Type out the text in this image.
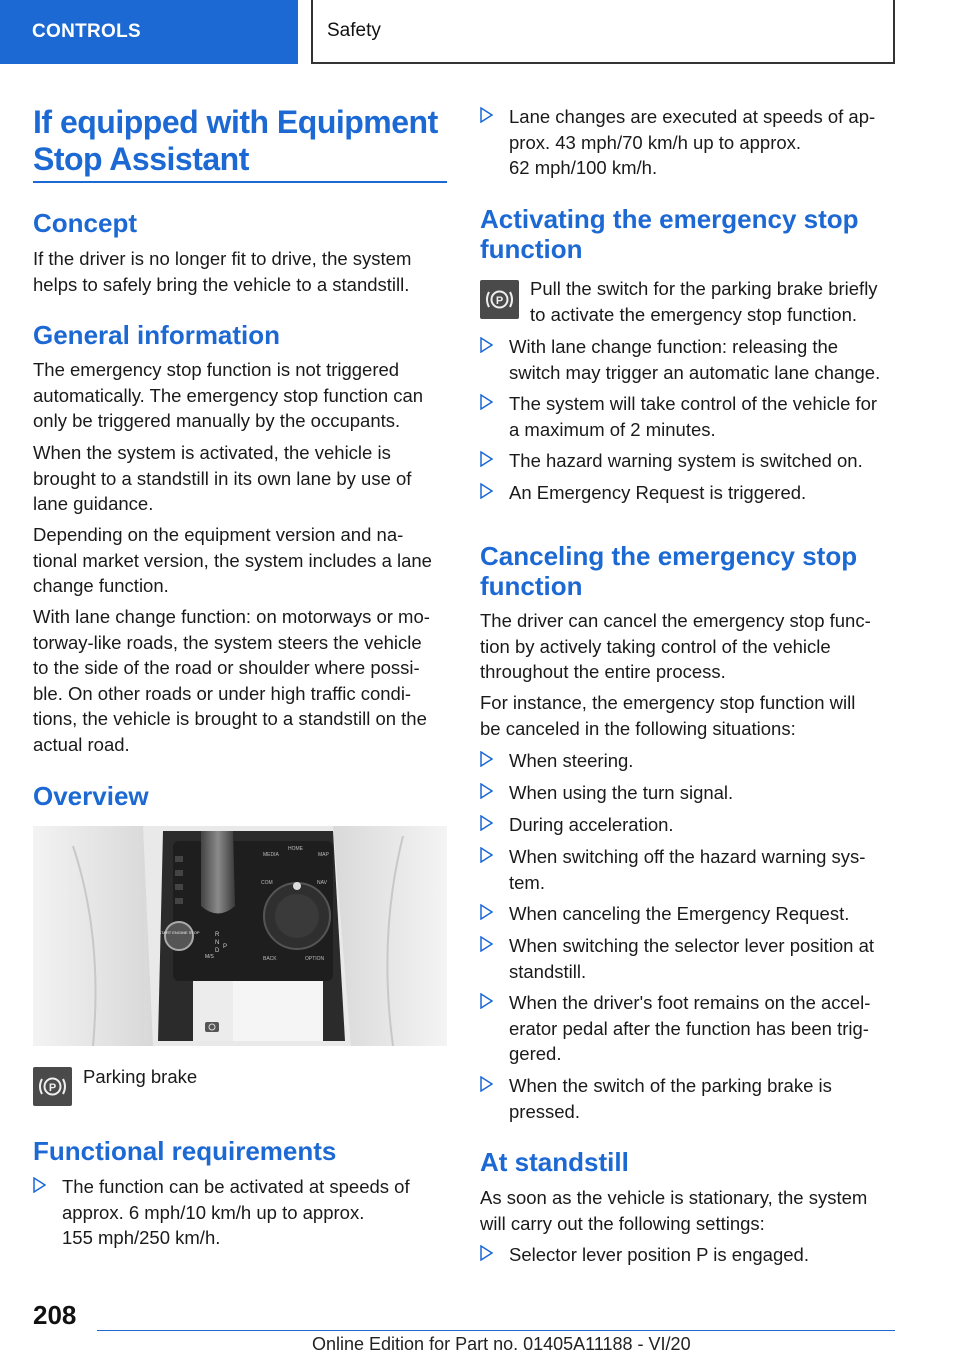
CONTROLS	Safety
If equipped with Equipment
Stop Assistant
Concept

If the driver is no longer fit to drive, the system
helps to safely bring the vehicle to a standstill.

General information

The emergency stop function is not triggered
automatically. The emergency stop function can
only be triggered manually by the occupants.

When the system is activated, the vehicle is
brought to a standstill in its own lane by use of
lane guidance.

Depending on the equipment version and na‐
tional market version, the system includes a lane
change function.

With lane change function: on motorways or mo‐
torway-like roads, the system steers the vehicle
to the side of the road or shoulder where possi‐
ble. On other roads or under high traffic condi‐
tions, the vehicle is brought to a standstill on the
actual road.

Overview
START ENGINE STOP
MEDIA
HOME
MAP
COM	NAV
BACK	OPTION
R
N
D
P
M/S
P

Parking brake

Functional requirements
The function can be activated at speeds of
approx. 6 mph/10 km/h up to approx.
155 mph/250 km/h.
Lane changes are executed at speeds of ap‐
prox. 43 mph/70 km/h up to approx.
62 mph/100 km/h.
Activating the emergency stop
function
P

Pull the switch for the parking brake briefly
to activate the emergency stop function.

With lane change function: releasing the
switch may trigger an automatic lane change.
The system will take control of the vehicle for
a maximum of 2 minutes.
The hazard warning system is switched on.
An Emergency Request is triggered.
Canceling the emergency stop
function

The driver can cancel the emergency stop func‐
tion by actively taking control of the vehicle
throughout the entire process.

For instance, the emergency stop function will
be canceled in the following situations:

When steering.
When using the turn signal.
During acceleration.
When switching off the hazard warning sys‐
tem.
When canceling the Emergency Request.
When switching the selector lever position at
standstill.
When the driver's foot remains on the accel‐
erator pedal after the function has been trig‐
gered.
When the switch of the parking brake is
pressed.
At standstill

As soon as the vehicle is stationary, the system
will carry out the following settings:

Selector lever position P is engaged.
208
Online Edition for Part no. 01405A11188 - VI/20
